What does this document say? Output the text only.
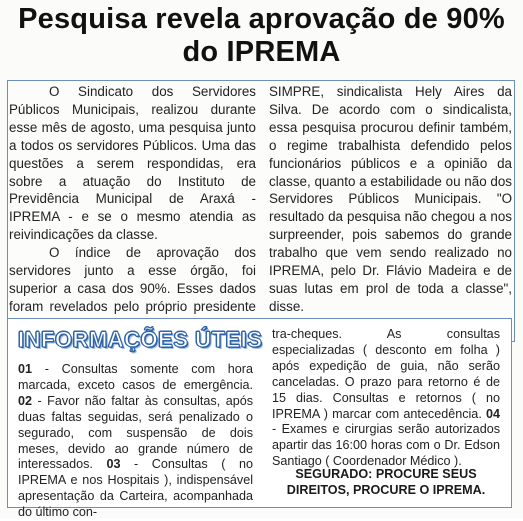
Pesquisa revela aprovação de 90%
do IPREMA

O Sindicato dos Servidores Públicos Municipais, realizou durante esse mês de agosto, uma pesquisa junto a todos os servidores Públicos. Uma das questões a serem respondidas, era sobre a atuação do Instituto de Previdência Municipal de Araxá - IPREMA - e se o mesmo atendia as reivindicações da classe.

O índice de aprovação dos servidores junto a esse órgão, foi superior a casa dos 90%. Esses dados foram revelados pelo próprio presidente

SIMPRE, sindicalista Hely Aires da Silva. De acordo com o sindicalista, essa pesquisa procurou definir também, o regime trabalhista defendido pelos funcionários públicos e a opinião da classe, quanto a estabilidade ou não dos Servidores Públicos Municipais. "O resultado da pesquisa não chegou a nos surpreender, pois sabemos do grande trabalho que vem sendo realizado no IPREMA, pelo Dr. Flávio Madeira e de suas lutas em prol de toda a classe", disse.

INFORMAÇÕES ÚTEIS
01 - Consultas somente com hora marcada, exceto casos de emergência. 02 - Favor não faltar às consultas, após duas faltas seguidas, será penalizado o segurado, com suspensão de dois meses, devido ao grande número de interessados. 03 - Consultas ( no IPREMA e nos Hospitais ), indispensável apresentação da Carteira, acompanhada do último con-
tra-cheques. As consultas especializadas ( desconto em folha ) após expedição de guia, não serão canceladas. O prazo para retorno é de 15 dias. Consultas e retornos ( no IPREMA ) marcar com antecedência. 04 - Exames e cirurgias serão autorizados apartir das 16:00 horas com o Dr. Edson Santiago ( Coordenador Médico ).
SEGURADO: PROCURE SEUS DIREITOS, PROCURE O IPREMA.
